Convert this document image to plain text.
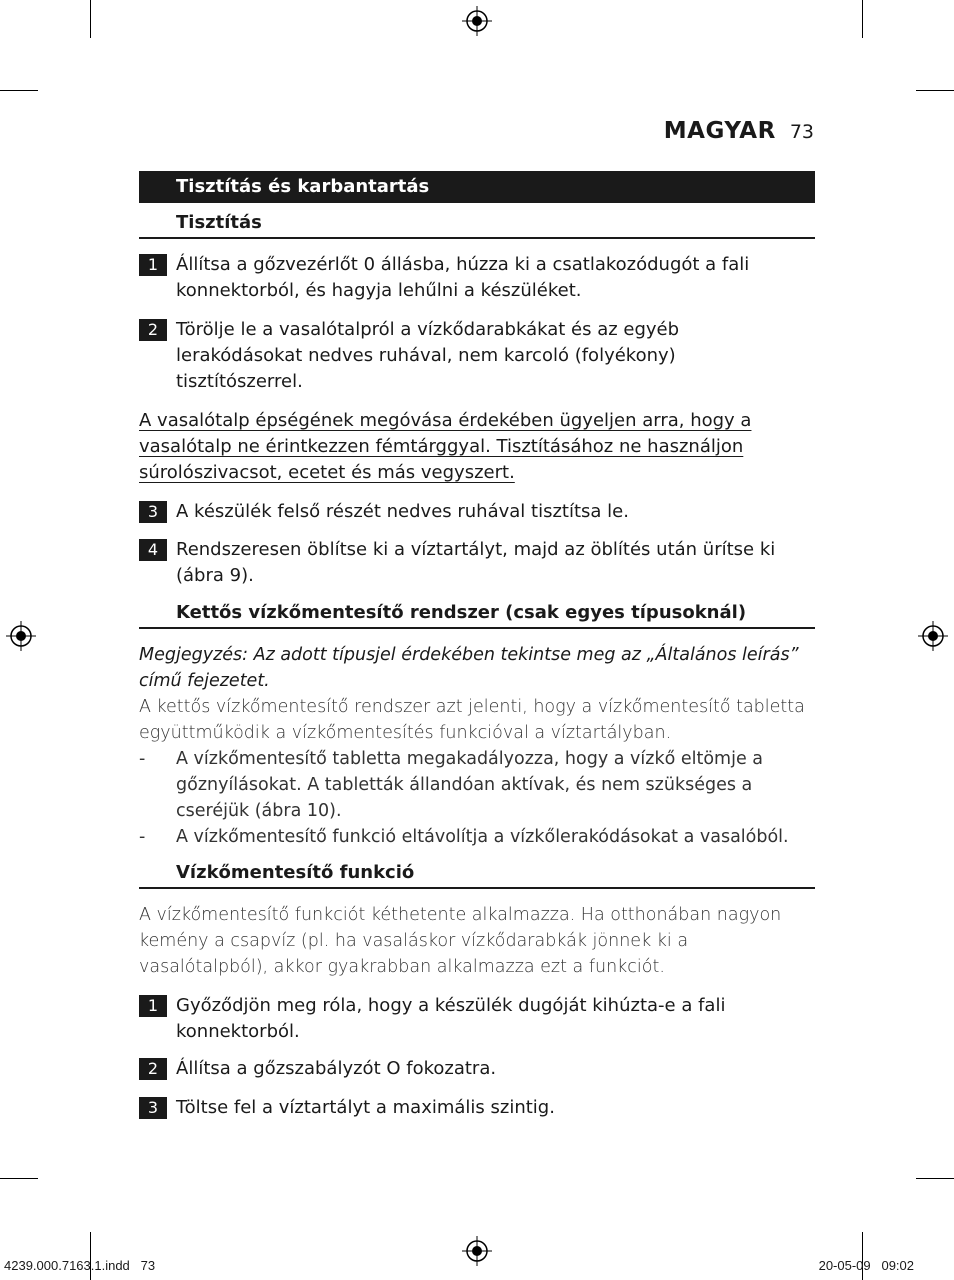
MAGYAR 73
Tisztítás és karbantartás
Tisztítás
1 Állítsa a gőzvezérlőt 0 állásba, húzza ki a csatlakozódugót a fali konnektorból, és hagyja lehűlni a készüléket.
2 Törölje le a vasalótalpról a vízkődarabkákat és az egyéb lerakódásokat nedves ruhával, nem karcoló (folyékony) tisztítószerrel.
A vasalótalp épségének megóvása érdekében ügyeljen arra, hogy a vasalótalp ne érintkezzen fémtárggyal. Tisztításához ne használjon súrolószivacsot, ecetet és más vegyszert.
3 A készülék felső részét nedves ruhával tisztítsa le.
4 Rendszeresen öblítse ki a víztartályt, majd az öblítés után ürítse ki (ábra 9).
Kettős vízkőmentesítő rendszer (csak egyes típusoknál)
Megjegyzés: Az adott típusjel érdekében tekintse meg az „Általános leírás” című fejezetet.
A kettős vízkőmentesítő rendszer azt jelenti, hogy a vízkőmentesítő tabletta együttműködik a vízkőmentesítés funkcióval a víztartályban.
-	A vízkőmentesítő tabletta megakadályozza, hogy a vízkő eltömje a gőznyílásokat. A tabletták állandóan aktívak, és nem szükséges a cseréjük (ábra 10).
-	A vízkőmentesítő funkció eltávolítja a vízkőlerakódásokat a vasalóból.
Vízkőmentesítő funkció
A vízkőmentesítő funkciót kéthetente alkalmazza. Ha otthonában nagyon kemény a csapvíz (pl. ha vasaláskor vízkődarabkák jönnek ki a vasalótalpból), akkor gyakrabban alkalmazza ezt a funkciót.
1 Győződjön meg róla, hogy a készülék dugóját kihúzta-e a fali konnektorból.
2 Állítsa a gőzszabályzót O fokozatra.
3 Töltse fel a víztartályt a maximális szintig.
4239.000.7163.1.indd   73	20-05-09   09:02
